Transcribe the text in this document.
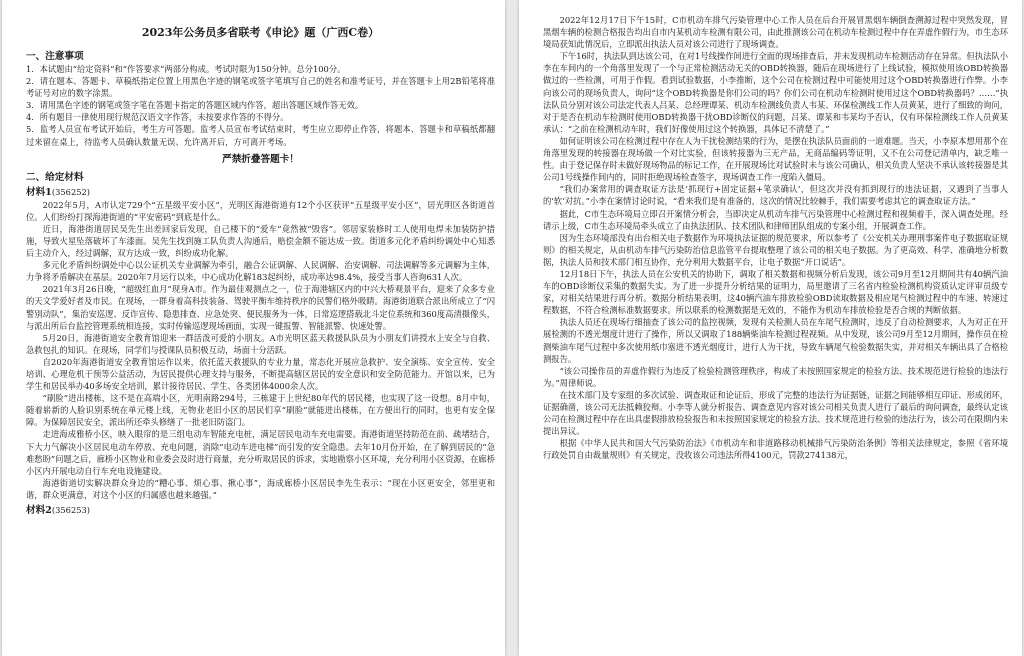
2023年公务员多省联考《申论》题（广西C卷）
一、注意事项

1．本试题由“给定资料”和“作答要求”两部分构成。考试时限为150分钟。总分100分。

2．请在题本、答题卡、草稿纸指定位置上用黑色字迹的钢笔或签字笔填写自己的姓名和准考证号，并在答题卡上用2B铅笔将准考证号对应的数字涂黑。

3．请用黑色字迹的钢笔或签字笔在答题卡指定的答题区域内作答，超出答题区域作答无效。

4．所有题目一律使用现行规范汉语文字作答，未按要求作答的不得分。

5．监考人员宣布考试开始后，考生方可答题。监考人员宣布考试结束时，考生应立即停止作答，将题本、答题卡和草稿纸都翻过来留在桌上，待监考人员确认数量无误、允许离开后，方可离开考场。

严禁折叠答题卡！
二、给定材料
材料1(356252)

2022年5月，A市认定729个“五星级平安小区”，光明区海港街道有12个小区获评“五星级平安小区”，居光明区各街道首位。人们纷纷打探海港街道的“平安密码”到底是什么。

近日，海港街道居民吴先生出差回家后发现，自己楼下的“爱车”竟然被“毁容”。邻居家装修时工人使用电焊未加装防护措施，导致火星坠落破坏了车漆面。吴先生找到施工队负责人沟通后，赔偿金额不能达成一致。街道多元化矛盾纠纷调处中心知悉后主动介入，经过调解，双方达成一致，纠纷成功化解。

多元化矛盾纠纷调处中心以公证机关专业调解为牵引，融合公证调解、人民调解、治安调解、司法调解等多元调解为主体，力争将矛盾解决在基层。2020年7月运行以来，中心成功化解183起纠纷，成功率达98.4%，接受当事人咨询631人次。

2021年3月26日晚，“超级红血月”现身A市。作为最佳观测点之一，位于海港辖区内的中兴大桥观景平台，迎来了众多专业的天文学爱好者及市民。在现场，一群身着高科技装备、驾驶平衡车维持秩序的民警们格外吸睛。海港街道联合派出所成立了“闪警别动队”，集治安巡逻、反诈宣传、隐患排查、应急处突、便民服务为一体，日常巡逻搭载北斗定位系统和360度高清摄像头，与派出所后台监控管理系统相连接，实时传输巡逻现场画面，实现一键报警、智能派警、快速处警。

5月20日，海港街道安全教育馆迎来一群活泼可爱的小朋友。A市光明区蓝天救援队队员为小朋友们讲授水上安全与自救、急救包扎的知识。在现场，同学们与授课队员积极互动，场面十分活跃。

自2020年海港街道安全教育馆运作以来，依托蓝天救援队的专业力量，常态化开展应急救护、安全演练、安全宣传、安全培训、心理危机干预等公益活动，为居民提供心理支持与服务，不断提高辖区居民的安全意识和安全防范能力。开馆以来，已为学生和居民举办40多场安全培训，累计接待居民、学生、各类团体4000余人次。

“刷脸”进出楼栋，这不是在高端小区，光明南路294号，三栋建于上世纪80年代的居民楼，也实现了这一设想。8月中旬，随着崭新的人脸识别系统在单元楼上线，无物业老旧小区的居民们享“刷脸”就能进出楼栋，在方便出行的同时，也更有安全保障。为保障居民安全，派出所还牵头修缮了一批老旧防盗门。

走进海成雅桥小区，映入眼帘的是三组电动车智能充电桩，满足居民电动车充电需要。海港街道坚持防范在前、疏堵结合，下大力气解决小区居民电动车停放、充电问题，消除“电动车进电梯”而引发的安全隐患。去年10月份开始，在了解到居民的“急难愁盼”问题之后，廊桥小区物业和业委会及时进行商量，充分听取居民的诉求，实地勘察小区环境，充分利用小区资源，在廊桥小区内开展电动自行车充电设施建设。

海港街道切实解决群众身边的“糟心事、烦心事、揪心事”，海成廊桥小区居民李先生表示：“现在小区更安全，邻里更和谐，群众更满意，对这个小区的归属感也越来越强。”

材料2(356253)

2022年12月17日下午15时，C市机动车排气污染管理中心工作人员在后台开展冒黑烟车辆倒查溯源过程中突然发现，冒黑烟车辆的检测合格报告均出自市内某机动车检测有限公司，由此推测该公司在机动车检测过程中存在弄虚作假行为，市生态环境局获知此情况后，立即派出执法人员对该公司进行了现场调查。

下午16时，执法队到达该公司，在对1号线操作间进行全面的现场排查后，并未发现机动车检测活动存在异常。但执法队小李在车间内的一个角落里发现了一个与正常检测活动无关的OBD转换器，随后在现场进行了上线试验，模拟使用该OBD转换器做过的一些检测，可用于作假。看到试验数据，小李推断，这个公司在检测过程中可能使用过这个OBD转换器进行作弊。小李向该公司的现场负责人，询问“这个OBD转换器是你们公司的吗？你们公司在机动车检测时使用过这个OBD转换器吗？……”执法队员分别对该公司法定代表人吕某、总经理谭某、机动车检测线负责人韦某、环保检测线工作人员黄某，进行了细致的询问，对于是否在机动车检测时使用OBD转换器干扰OBD诊断仪的问题，吕某、谭某和韦某均予否认，仅有环保检测线工作人员黄某承认：“之前在检测机动车时，我们好像使用过这个转换器，具体记不清楚了。”

如何证明该公司在检测过程中存在人为干扰检测结果的行为，是摆在执法队员面前的一道难题。当天，小李原本想用那个在角落里发现的转接器在现场做一个对比实验，但该转接器为三无产品，无商品编码等证明，又不在公司登记清单内，缺乏唯一性。由于登记保存时未做好现场物品的标记工作，在开展现场比对试验时未与该公司确认，相关负责人坚决不承认该转接器是其公司1号线操作间内的，同时拒绝现场检查签字，现场调查工作一度陷入僵局。

“我们办案常用的调查取证方法是‘抓现行+固定证据+笔录确认’，但这次并没有抓到现行的违法证据，又遇到了当事人的‘软’对抗。”小李在案情讨论时说，“看来我们是有准备的，这次的情况比较棘手，我们需要考虑其它的调查取证方法。”

据此，C市生态环境局立即召开案情分析会，当即决定从机动车排气污染管理中心检测过程和视频着手，深入调查处理。经请示上级，C市生态环境局牵头成立了由执法团队、技术团队和律师团队组成的专案小组，开展调查工作。

因为生态环境部没有出台相关电子数据作为环境执法证据的规范要求，所以参考了《公安机关办理刑事案件电子数据取证规则》的相关规定，从由机动车排气污染防治信息监管平台提取整理了该公司的相关电子数据。为了更高效、科学、准确地分析数据，执法人员和技术部门相互协作，充分利用大数据平台，让电子数据“开口说话”。

12月18日下午，执法人员在公安机关的协助下，调取了相关数据和视频分析后发现，该公司9月至12月期间共有40辆汽油车的OBD诊断仪采集的数据失实。为了进一步提升分析结果的证明力，局里邀请了三名省内检验检测机构资质认定评审员级专家，对相关结果进行再分析。数据分析结果表明，这40辆汽油车排放检验OBD读取数据及相应尾气检测过程中的车速、转速过程数据，不符合检测标准数据要求。所以联系的检测数据是无效的，不能作为机动车排放检验是否合规的判断依据。

执法人员还在现场行细抽查了该公司的监控视频，发现有关检测人员在车尾气检测时，违反了自动检测要求，人为对正在开展检测的不透光烟度计进行了操作，所以又调取了188辆柴油车检测过程视频。从中发现，该公司9月至12月期间，操作员在检测柴油车尾气过程中多次使用纸巾塞进不透光烟度计，进行人为干扰，导致车辆尾气检验数据失实，并对相关车辆出具了合格检测报告。

“该公司操作员的弄虚作假行为违反了检验检测管理秩序，构成了未按照国家规定的检验方法、技术规范进行检验的违法行为。”周律师说。

在技术部门及专家组的多次试验、调查取证和论证后，形成了完整的违法行为证据链，证据之间能够相互印证、形成闭环，证据确凿，该公司无法抵赖狡辩。小李等人就分析报告、调查意见内容对该公司相关负责人进行了最后的询问调查，最终认定该公司在检测过程中存在出具虚假排放检验报告和未按照国家规定的检验方法、技术规范进行检验的违法行为，该公司在限期内未提出异议。

根据《中华人民共和国大气污染防治法》《市机动车和非道路移动机械排气污染防治条例》等相关法律规定，参照《省环境行政处罚自由裁量规则》有关规定，没收该公司违法所得4100元，罚款274138元，
